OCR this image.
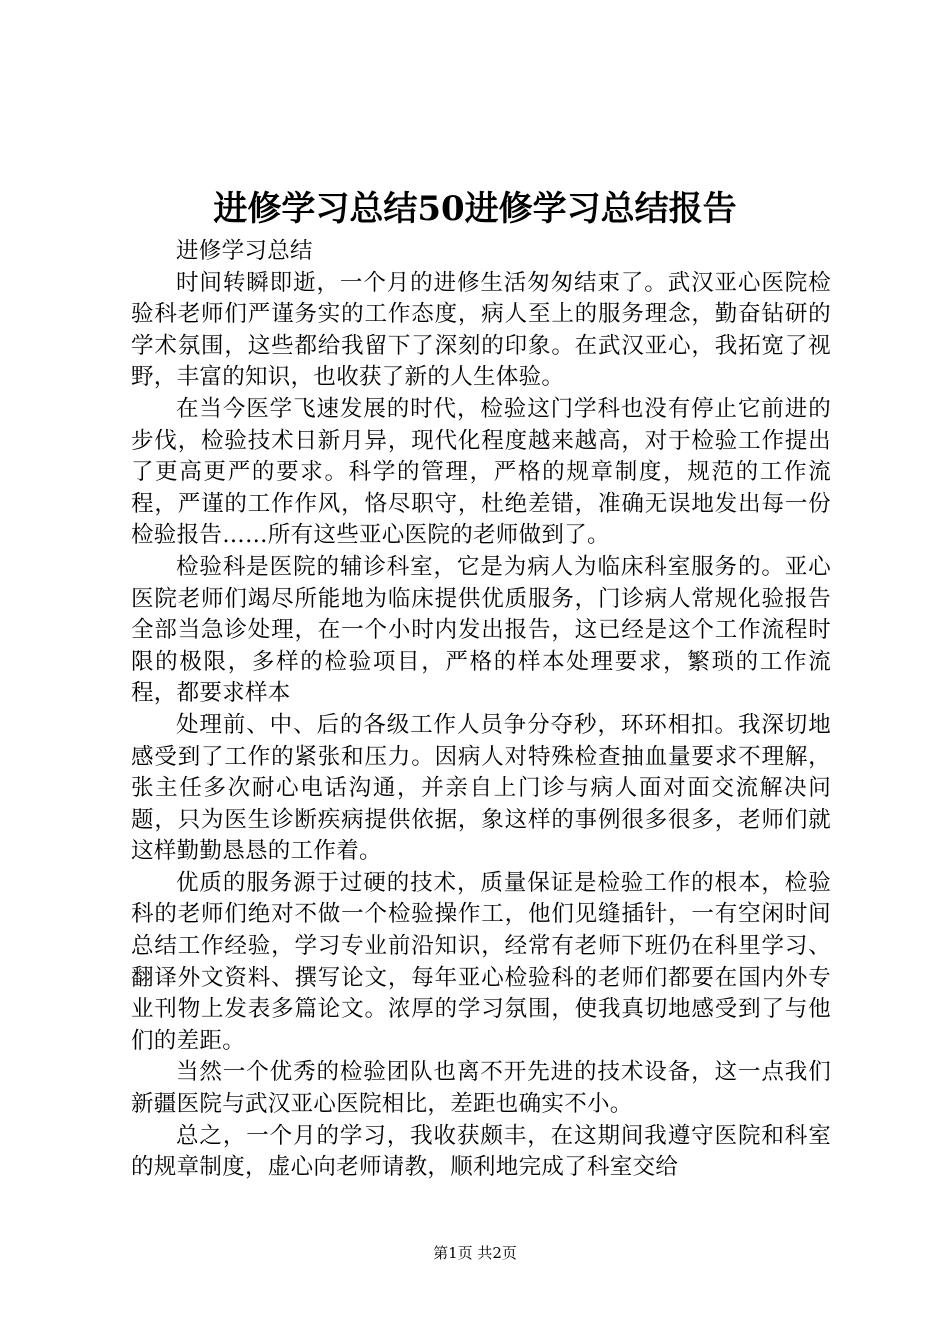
进修学习总结50进修学习总结报告

进修学习总结

时间转瞬即逝，一个月的进修生活匆匆结束了。武汉亚心医院检验科老师们严谨务实的工作态度，病人至上的服务理念，勤奋钻研的学术氛围，这些都给我留下了深刻的印象。在武汉亚心，我拓宽了视野，丰富的知识，也收获了新的人生体验。

在当今医学飞速发展的时代，检验这门学科也没有停止它前进的步伐，检验技术日新月异，现代化程度越来越高，对于检验工作提出了更高更严的要求。科学的管理，严格的规章制度，规范的工作流程，严谨的工作作风，恪尽职守，杜绝差错，准确无误地发出每一份检验报告……所有这些亚心医院的老师做到了。

检验科是医院的辅诊科室，它是为病人为临床科室服务的。亚心医院老师们竭尽所能地为临床提供优质服务，门诊病人常规化验报告全部当急诊处理，在一个小时内发出报告，这已经是这个工作流程时限的极限，多样的检验项目，严格的样本处理要求，繁琐的工作流程，都要求样本

处理前、中、后的各级工作人员争分夺秒，环环相扣。我深切地感受到了工作的紧张和压力。因病人对特殊检查抽血量要求不理解，张主任多次耐心电话沟通，并亲自上门诊与病人面对面交流解决问题，只为医生诊断疾病提供依据，象这样的事例很多很多，老师们就这样勤勤恳恳的工作着。

优质的服务源于过硬的技术，质量保证是检验工作的根本，检验科的老师们绝对不做一个检验操作工，他们见缝插针，一有空闲时间总结工作经验，学习专业前沿知识，经常有老师下班仍在科里学习、翻译外文资料、撰写论文，每年亚心检验科的老师们都要在国内外专业刊物上发表多篇论文。浓厚的学习氛围，使我真切地感受到了与他们的差距。

当然一个优秀的检验团队也离不开先进的技术设备，这一点我们新疆医院与武汉亚心医院相比，差距也确实不小。

总之，一个月的学习，我收获颇丰，在这期间我遵守医院和科室的规章制度，虚心向老师请教，顺利地完成了科室交给

第1页 共2页
